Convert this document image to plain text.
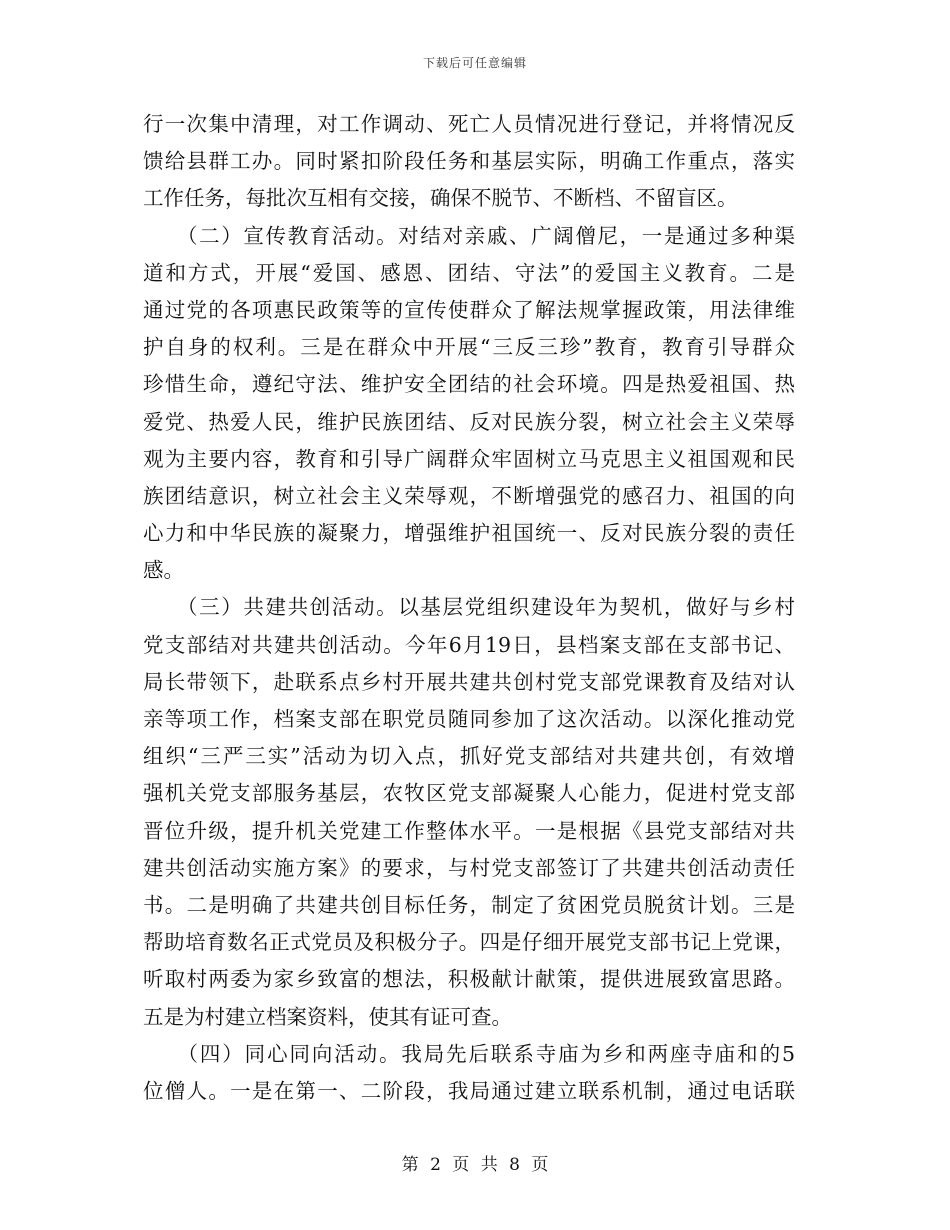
下载后可任意编辑
行一次集中清理，对工作调动、死亡人员情况进行登记，并将情况反
馈给县群工办。同时紧扣阶段任务和基层实际，明确工作重点，落实
工作任务，每批次互相有交接，确保不脱节、不断档、不留盲区。
　　（二）宣传教育活动。对结对亲戚、广阔僧尼，一是通过多种渠
道和方式，开展“爱国、感恩、团结、守法”的爱国主义教育。二是
通过党的各项惠民政策等的宣传使群众了解法规掌握政策，用法律维
护自身的权利。三是在群众中开展“三反三珍”教育，教育引导群众
珍惜生命，遵纪守法、维护安全团结的社会环境。四是热爱祖国、热
爱党、热爱人民，维护民族团结、反对民族分裂，树立社会主义荣辱
观为主要内容，教育和引导广阔群众牢固树立马克思主义祖国观和民
族团结意识，树立社会主义荣辱观，不断增强党的感召力、祖国的向
心力和中华民族的凝聚力，增强维护祖国统一、反对民族分裂的责任
感。
　　（三）共建共创活动。以基层党组织建设年为契机，做好与乡村
党支部结对共建共创活动。今年6月19日，县档案支部在支部书记、
局长带领下，赴联系点乡村开展共建共创村党支部党课教育及结对认
亲等项工作，档案支部在职党员随同参加了这次活动。以深化推动党
组织“三严三实”活动为切入点，抓好党支部结对共建共创，有效增
强机关党支部服务基层，农牧区党支部凝聚人心能力，促进村党支部
晋位升级，提升机关党建工作整体水平。一是根据《县党支部结对共
建共创活动实施方案》的要求，与村党支部签订了共建共创活动责任
书。二是明确了共建共创目标任务，制定了贫困党员脱贫计划。三是
帮助培育数名正式党员及积极分子。四是仔细开展党支部书记上党课，
听取村两委为家乡致富的想法，积极献计献策，提供进展致富思路。
五是为村建立档案资料，使其有证可查。
　　（四）同心同向活动。我局先后联系寺庙为乡和两座寺庙和的5
位僧人。一是在第一、二阶段，我局通过建立联系机制，通过电话联
第 2 页 共 8 页
